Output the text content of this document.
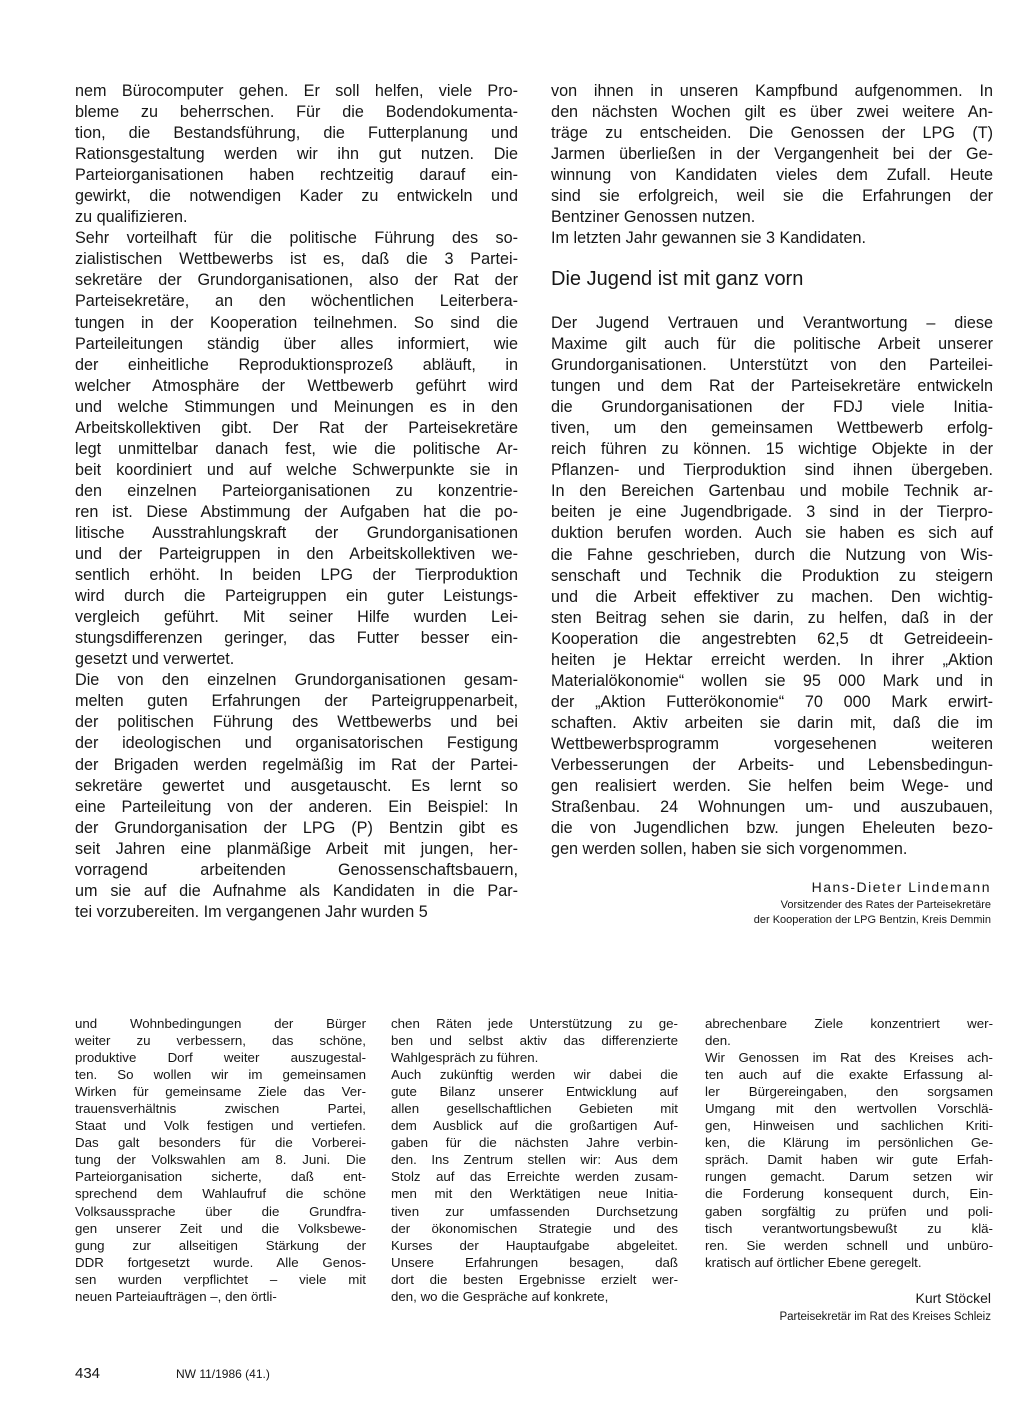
nem Bürocomputer gehen. Er soll helfen, viele Pro-
bleme zu beherrschen. Für die Bodendokumenta-
tion, die Bestandsführung, die Futterplanung und
Rationsgestaltung werden wir ihn gut nutzen. Die
Parteiorganisationen haben rechtzeitig darauf ein-
gewirkt, die notwendigen Kader zu entwickeln und
zu qualifizieren.

Sehr vorteilhaft für die politische Führung des so-
zialistischen Wettbewerbs ist es, daß die 3 Partei-
sekretäre der Grundorganisationen, also der Rat der
Parteisekretäre, an den wöchentlichen Leiterbera-
tungen in der Kooperation teilnehmen. So sind die
Parteileitungen ständig über alles informiert, wie
der einheitliche Reproduktionsprozeß abläuft, in
welcher Atmosphäre der Wettbewerb geführt wird
und welche Stimmungen und Meinungen es in den
Arbeitskollektiven gibt. Der Rat der Parteisekretäre
legt unmittelbar danach fest, wie die politische Ar-
beit koordiniert und auf welche Schwerpunkte sie in
den einzelnen Parteiorganisationen zu konzentrie-
ren ist. Diese Abstimmung der Aufgaben hat die po-
litische Ausstrahlungskraft der Grundorganisationen
und der Parteigruppen in den Arbeitskollektiven we-
sentlich erhöht. In beiden LPG der Tierproduktion
wird durch die Parteigruppen ein guter Leistungs-
vergleich geführt. Mit seiner Hilfe wurden Lei-
stungsdifferenzen geringer, das Futter besser ein-
gesetzt und verwertet.

Die von den einzelnen Grundorganisationen gesam-
melten guten Erfahrungen der Parteigruppenarbeit,
der politischen Führung des Wettbewerbs und bei
der ideologischen und organisatorischen Festigung
der Brigaden werden regelmäßig im Rat der Partei-
sekretäre gewertet und ausgetauscht. Es lernt so
eine Parteileitung von der anderen. Ein Beispiel: In
der Grundorganisation der LPG (P) Bentzin gibt es
seit Jahren eine planmäßige Arbeit mit jungen, her-
vorragend arbeitenden Genossenschaftsbauern,
um sie auf die Aufnahme als Kandidaten in die Par-
tei vorzubereiten. Im vergangenen Jahr wurden 5

von ihnen in unseren Kampfbund aufgenommen. In
den nächsten Wochen gilt es über zwei weitere An-
träge zu entscheiden. Die Genossen der LPG (T)
Jarmen überließen in der Vergangenheit bei der Ge-
winnung von Kandidaten vieles dem Zufall. Heute
sind sie erfolgreich, weil sie die Erfahrungen der
Bentziner Genossen nutzen.
Im letzten Jahr gewannen sie 3 Kandidaten.

Die Jugend ist mit ganz vorn

Der Jugend Vertrauen und Verantwortung – diese
Maxime gilt auch für die politische Arbeit unserer
Grundorganisationen. Unterstützt von den Parteilei-
tungen und dem Rat der Parteisekretäre entwickeln
die Grundorganisationen der FDJ viele Initia-
tiven, um den gemeinsamen Wettbewerb erfolg-
reich führen zu können. 15 wichtige Objekte in der
Pflanzen- und Tierproduktion sind ihnen übergeben.
In den Bereichen Gartenbau und mobile Technik ar-
beiten je eine Jugendbrigade. 3 sind in der Tierpro-
duktion berufen worden. Auch sie haben es sich auf
die Fahne geschrieben, durch die Nutzung von Wis-
senschaft und Technik die Produktion zu steigern
und die Arbeit effektiver zu machen. Den wichtig-
sten Beitrag sehen sie darin, zu helfen, daß in der
Kooperation die angestrebten 62,5 dt Getreideein-
heiten je Hektar erreicht werden. In ihrer „Aktion
Materialökonomie“ wollen sie 95 000 Mark und in
der „Aktion Futterökonomie“ 70 000 Mark erwirt-
schaften. Aktiv arbeiten sie darin mit, daß die im
Wettbewerbsprogramm vorgesehenen weiteren
Verbesserungen der Arbeits- und Lebensbedingun-
gen realisiert werden. Sie helfen beim Wege- und
Straßenbau. 24 Wohnungen um- und auszubauen,
die von Jugendlichen bzw. jungen Eheleuten bezo-
gen werden sollen, haben sie sich vorgenommen.

Hans-Dieter Lindemann

Vorsitzender des Rates der Parteisekretäre

der Kooperation der LPG Bentzin, Kreis Demmin

und Wohnbedingungen der Bürger
weiter zu verbessern, das schöne,
produktive Dorf weiter auszugestal-
ten. So wollen wir im gemeinsamen
Wirken für gemeinsame Ziele das Ver-
trauensverhältnis zwischen Partei,
Staat und Volk festigen und vertiefen.
Das galt besonders für die Vorberei-
tung der Volkswahlen am 8. Juni. Die
Parteiorganisation sicherte, daß ent-
sprechend dem Wahlaufruf die schöne
Volksaussprache über die Grundfra-
gen unserer Zeit und die Volksbewe-
gung zur allseitigen Stärkung der
DDR fortgesetzt wurde. Alle Genos-
sen wurden verpflichtet – viele mit
neuen Parteiaufträgen –, den örtli-

chen Räten jede Unterstützung zu ge-
ben und selbst aktiv das differenzierte
Wahlgespräch zu führen.
Auch zukünftig werden wir dabei die
gute Bilanz unserer Entwicklung auf
allen gesellschaftlichen Gebieten mit
dem Ausblick auf die großartigen Auf-
gaben für die nächsten Jahre verbin-
den. Ins Zentrum stellen wir: Aus dem
Stolz auf das Erreichte werden zusam-
men mit den Werktätigen neue Initia-
tiven zur umfassenden Durchsetzung
der ökonomischen Strategie und des
Kurses der Hauptaufgabe abgeleitet.
Unsere Erfahrungen besagen, daß
dort die besten Ergebnisse erzielt wer-
den, wo die Gespräche auf konkrete,

abrechenbare Ziele konzentriert wer-
den.
Wir Genossen im Rat des Kreises ach-
ten auch auf die exakte Erfassung al-
ler Bürgereingaben, den sorgsamen
Umgang mit den wertvollen Vorschlä-
gen, Hinweisen und sachlichen Kriti-
ken, die Klärung im persönlichen Ge-
spräch. Damit haben wir gute Erfah-
rungen gemacht. Darum setzen wir
die Forderung konsequent durch, Ein-
gaben sorgfältig zu prüfen und poli-
tisch verantwortungsbewußt zu klä-
ren. Sie werden schnell und unbüro-
kratisch auf örtlicher Ebene geregelt.

Kurt Stöckel

Parteisekretär im Rat des Kreises Schleiz

434	NW 11/1986 (41.)
